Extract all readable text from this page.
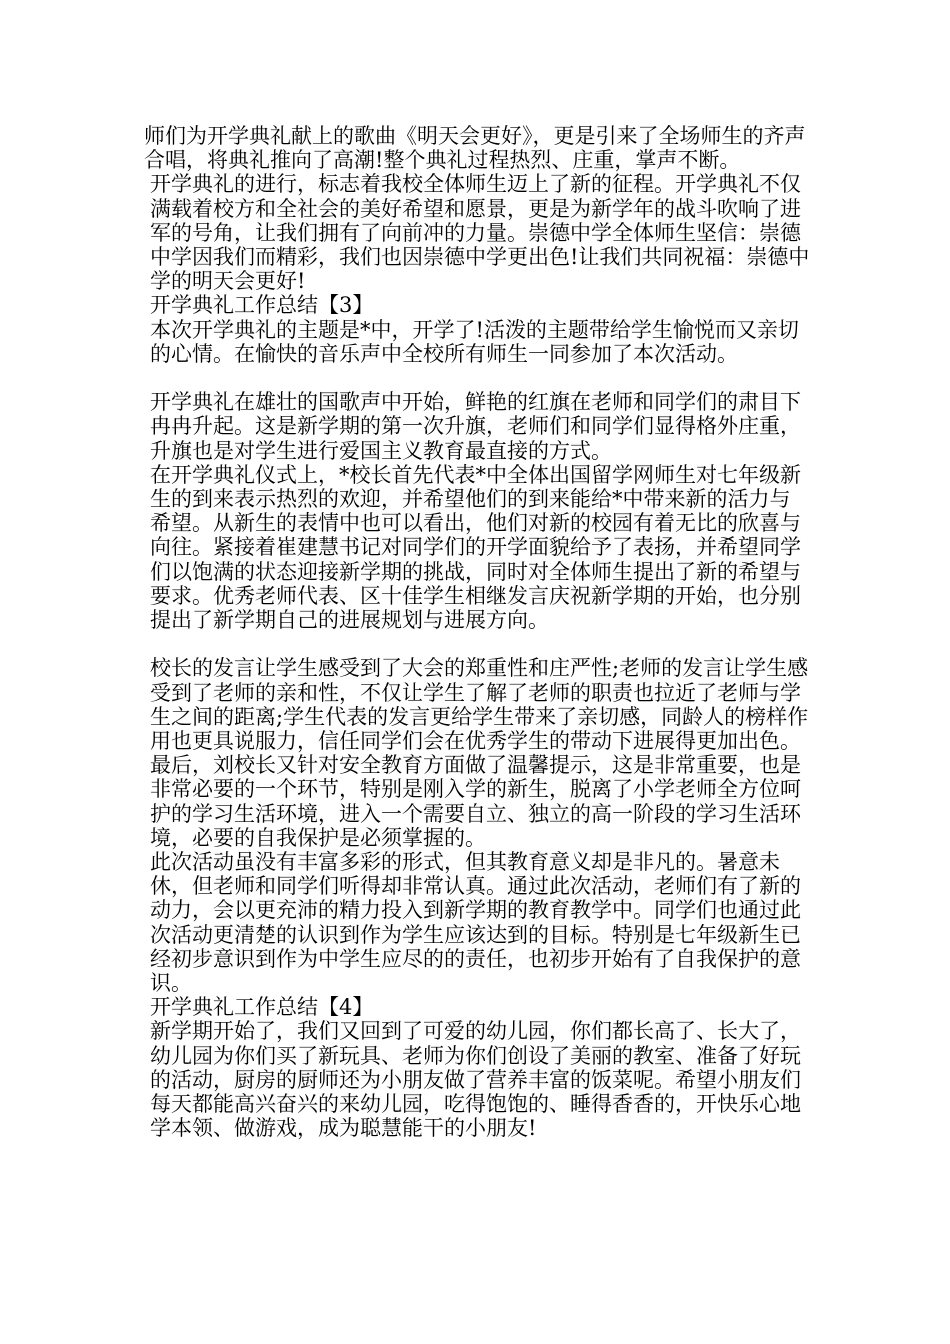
师们为开学典礼献上的歌曲《明天会更好》，更是引来了全场师生的齐声合唱，将典礼推向了高潮!整个典礼过程热烈、庄重，掌声不断。

开学典礼的进行，标志着我校全体师生迈上了新的征程。开学典礼不仅满载着校方和全社会的美好希望和愿景，更是为新学年的战斗吹响了进军的号角，让我们拥有了向前冲的力量。崇德中学全体师生坚信：崇德中学因我们而精彩，我们也因崇德中学更出色!让我们共同祝福：崇德中学的明天会更好!

开学典礼工作总结【3】

本次开学典礼的主题是*中，开学了!活泼的主题带给学生愉悦而又亲切的心情。在愉快的音乐声中全校所有师生一同参加了本次活动。

开学典礼在雄壮的国歌声中开始，鲜艳的红旗在老师和同学们的肃目下冉冉升起。这是新学期的第一次升旗，老师们和同学们显得格外庄重，升旗也是对学生进行爱国主义教育最直接的方式。

在开学典礼仪式上，*校长首先代表*中全体出国留学网师生对七年级新生的到来表示热烈的欢迎，并希望他们的到来能给*中带来新的活力与希望。从新生的表情中也可以看出，他们对新的校园有着无比的欣喜与向往。紧接着崔建慧书记对同学们的开学面貌给予了表扬，并希望同学们以饱满的状态迎接新学期的挑战，同时对全体师生提出了新的希望与要求。优秀老师代表、区十佳学生相继发言庆祝新学期的开始，也分别提出了新学期自己的进展规划与进展方向。

校长的发言让学生感受到了大会的郑重性和庄严性;老师的发言让学生感受到了老师的亲和性，不仅让学生了解了老师的职责也拉近了老师与学生之间的距离;学生代表的发言更给学生带来了亲切感，同龄人的榜样作用也更具说服力，信任同学们会在优秀学生的带动下进展得更加出色。

最后，刘校长又针对安全教育方面做了温馨提示，这是非常重要，也是非常必要的一个环节，特别是刚入学的新生，脱离了小学老师全方位呵护的学习生活环境，进入一个需要自立、独立的高一阶段的学习生活环境，必要的自我保护是必须掌握的。

此次活动虽没有丰富多彩的形式，但其教育意义却是非凡的。暑意未休，但老师和同学们听得却非常认真。通过此次活动，老师们有了新的动力，会以更充沛的精力投入到新学期的教育教学中。同学们也通过此次活动更清楚的认识到作为学生应该达到的目标。特别是七年级新生已经初步意识到作为中学生应尽的的责任，也初步开始有了自我保护的意识。

开学典礼工作总结【4】

新学期开始了，我们又回到了可爱的幼儿园，你们都长高了、长大了，幼儿园为你们买了新玩具、老师为你们创设了美丽的教室、准备了好玩的活动，厨房的厨师还为小朋友做了营养丰富的饭菜呢。希望小朋友们每天都能高兴奋兴的来幼儿园，吃得饱饱的、睡得香香的，开快乐心地学本领、做游戏，成为聪慧能干的小朋友!
